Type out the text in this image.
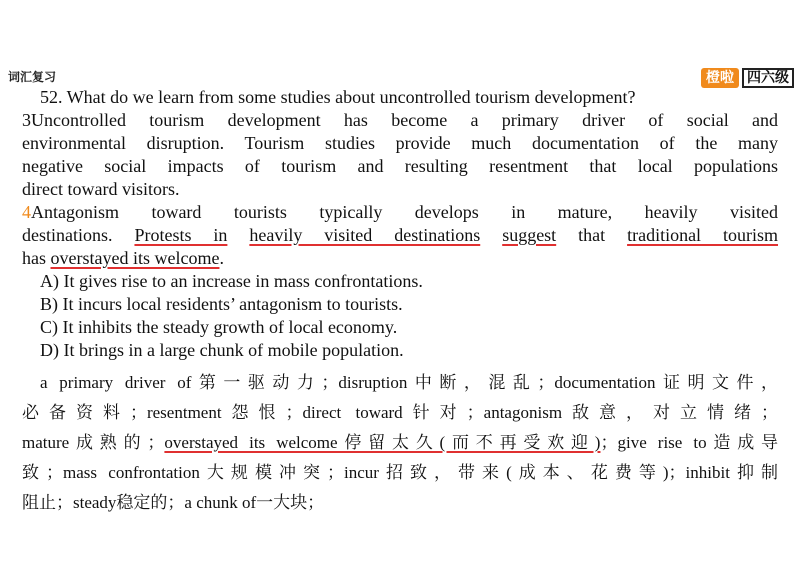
词汇复习	橙啦 四六级
52. What do we learn from some studies about uncontrolled tourism development?
3Uncontrolled tourism development has become a primary driver of social and
environmental disruption. Tourism studies provide much documentation of the many
negative social impacts of tourism and resulting resentment that local populations
direct toward visitors.
4Antagonism toward tourists typically develops in mature, heavily visited
destinations. Protests in heavily visited destinations suggest that traditional tourism
has overstayed its welcome.
A) It gives rise to an increase in mass confrontations.
B) It incurs local residents’ antagonism to tourists.
C) It inhibits the steady growth of local economy.
D) It brings in a large chunk of mobile population.
a primary driver of第一驱动力；disruption中断，混乱；documentation证明文件，
必备资料；resentment怨恨；direct toward针对；antagonism敌意，对立情绪；
mature成熟的；overstayed its welcome停留太久(而不再受欢迎)；give rise to造成导
致；mass confrontation大规模冲突；incur招致，带来(成本、花费等)；inhibit抑制
阻止；steady稳定的；a chunk of一大块；
